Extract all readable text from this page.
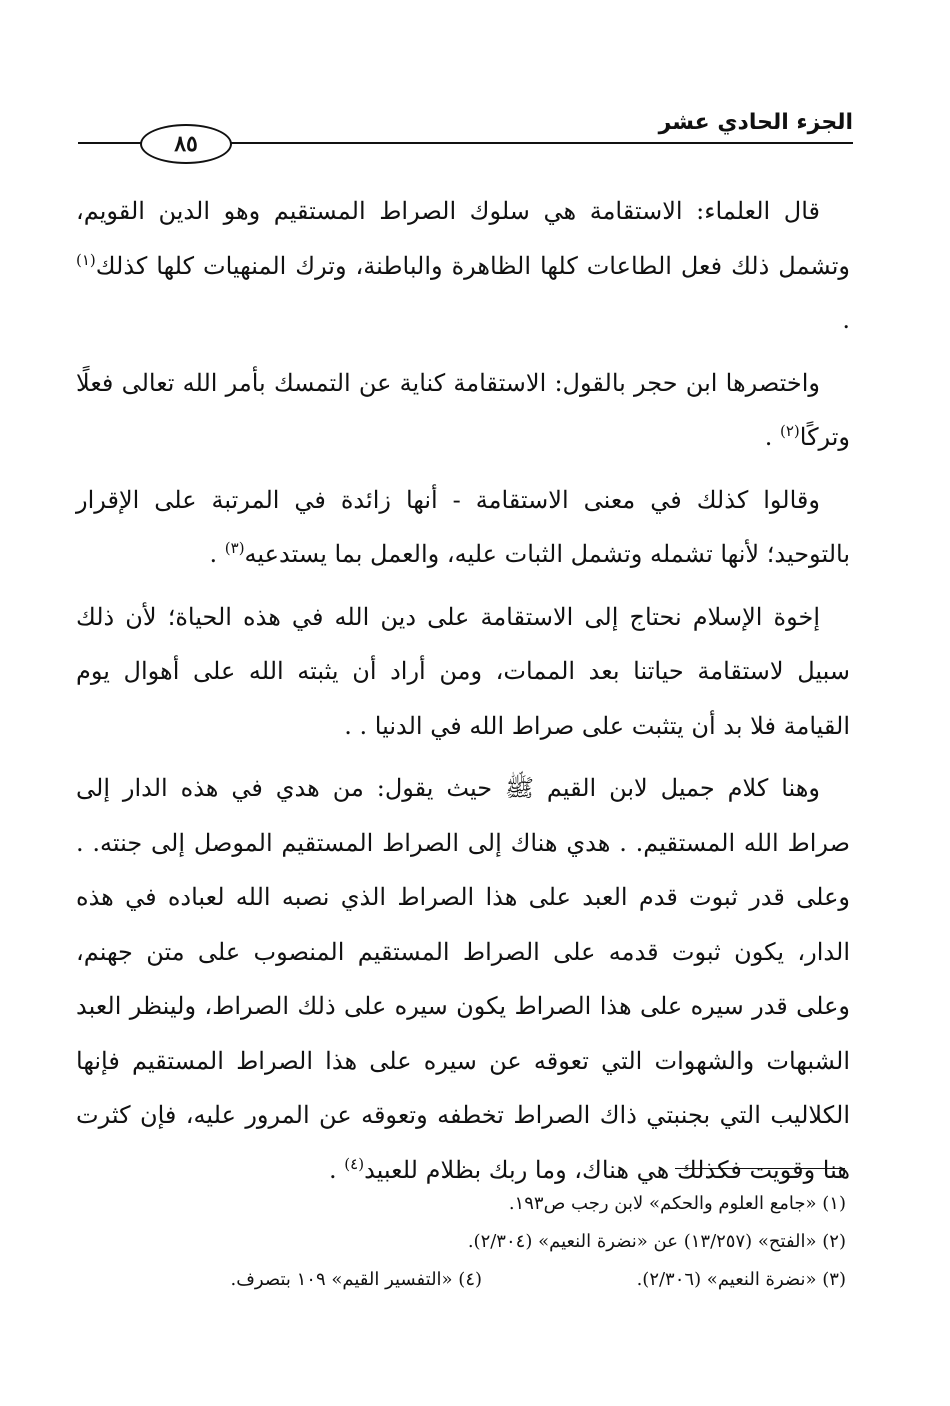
الجزء الحادي عشر
٨٥

قال العلماء: الاستقامة هي سلوك الصراط المستقيم وهو الدين القويم، وتشمل ذلك فعل الطاعات كلها الظاهرة والباطنة، وترك المنهيات كلها كذلك$^{(١)}$ .

واختصرها ابن حجر بالقول: الاستقامة كناية عن التمسك بأمر الله تعالى فعلًا وتركًا$^{(٢)}$ .

وقالوا كذلك في معنى الاستقامة - أنها زائدة في المرتبة على الإقرار بالتوحيد؛ لأنها تشمله وتشمل الثبات عليه، والعمل بما يستدعيه$^{(٣)}$ .

إخوة الإسلام نحتاج إلى الاستقامة على دين الله في هذه الحياة؛ لأن ذلك سبيل لاستقامة حياتنا بعد الممات، ومن أراد أن يثبته الله على أهوال يوم القيامة فلا بد أن يتثبت على صراط الله في الدنيا . .

وهنا كلام جميل لابن القيم ﷺ حيث يقول: من هدي في هذه الدار إلى صراط الله المستقيم. . هدي هناك إلى الصراط المستقيم الموصل إلى جنته. . وعلى قدر ثبوت قدم العبد على هذا الصراط الذي نصبه الله لعباده في هذه الدار، يكون ثبوت قدمه على الصراط المستقيم المنصوب على متن جهنم، وعلى قدر سيره على هذا الصراط يكون سيره على ذلك الصراط، ولينظر العبد الشبهات والشهوات التي تعوقه عن سيره على هذا الصراط المستقيم فإنها الكلاليب التي بجنبتي ذاك الصراط تخطفه وتعوقه عن المرور عليه، فإن كثرت هنا وقويت فكذلك هي هناك، وما ربك بظلام للعبيد$^{(٤)}$ .

(١) «جامع العلوم والحكم» لابن رجب ص١٩٣.
(٢) «الفتح» (١٣/٢٥٧) عن «نضرة النعيم» (٢/٣٠٤).
(٣) «نضرة النعيم» (٢/٣٠٦).
(٤) «التفسير القيم» ١٠٩ بتصرف.
